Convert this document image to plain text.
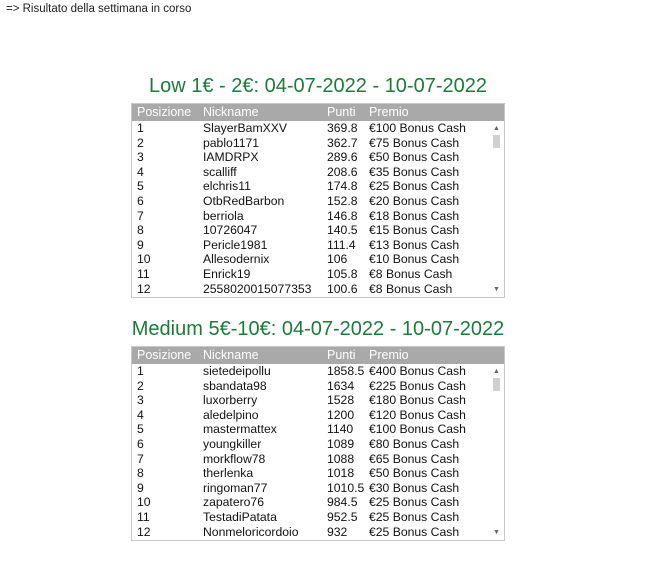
=> Risultato della settimana in corso
Low 1€ - 2€: 04-07-2022 - 10-07-2022
Posizione Nickname	Punti Premio
1	SlayerBamXXV	369.8 €100 Bonus Cash
2	pablo1171	362.7 €75 Bonus Cash
3	IAMDRPX	289.6 €50 Bonus Cash
4	scalliff	208.6 €35 Bonus Cash
5	elchris11	174.8 €25 Bonus Cash
6	OtbRedBarbon	152.8 €20 Bonus Cash
7	berriola	146.8 €18 Bonus Cash
8	10726047	140.5 €15 Bonus Cash
9	Pericle1981	111.4 €13 Bonus Cash
10	Allesodernix	106 €10 Bonus Cash
11	Enrick19	105.8 €8 Bonus Cash
12	2558020015077353 100.6 €8 Bonus Cash
▲
▼
Medium 5€-10€: 04-07-2022 - 10-07-2022
Posizione Nickname	Punti Premio
1	sietedeipollu	1858.5 €400 Bonus Cash
2	sbandata98	1634 €225 Bonus Cash
3	luxorberry	1528 €180 Bonus Cash
4	aledelpino	1200 €120 Bonus Cash
5	mastermattex	1140 €100 Bonus Cash
6	youngkiller	1089 €80 Bonus Cash
7	morkflow78	1088 €65 Bonus Cash
8	therlenka	1018 €50 Bonus Cash
9	ringoman77	1010.5 €30 Bonus Cash
10	zapatero76	984.5 €25 Bonus Cash
11	TestadiPatata	952.5 €25 Bonus Cash
12	Nonmeloricordoio 932 €25 Bonus Cash
▲
▼
